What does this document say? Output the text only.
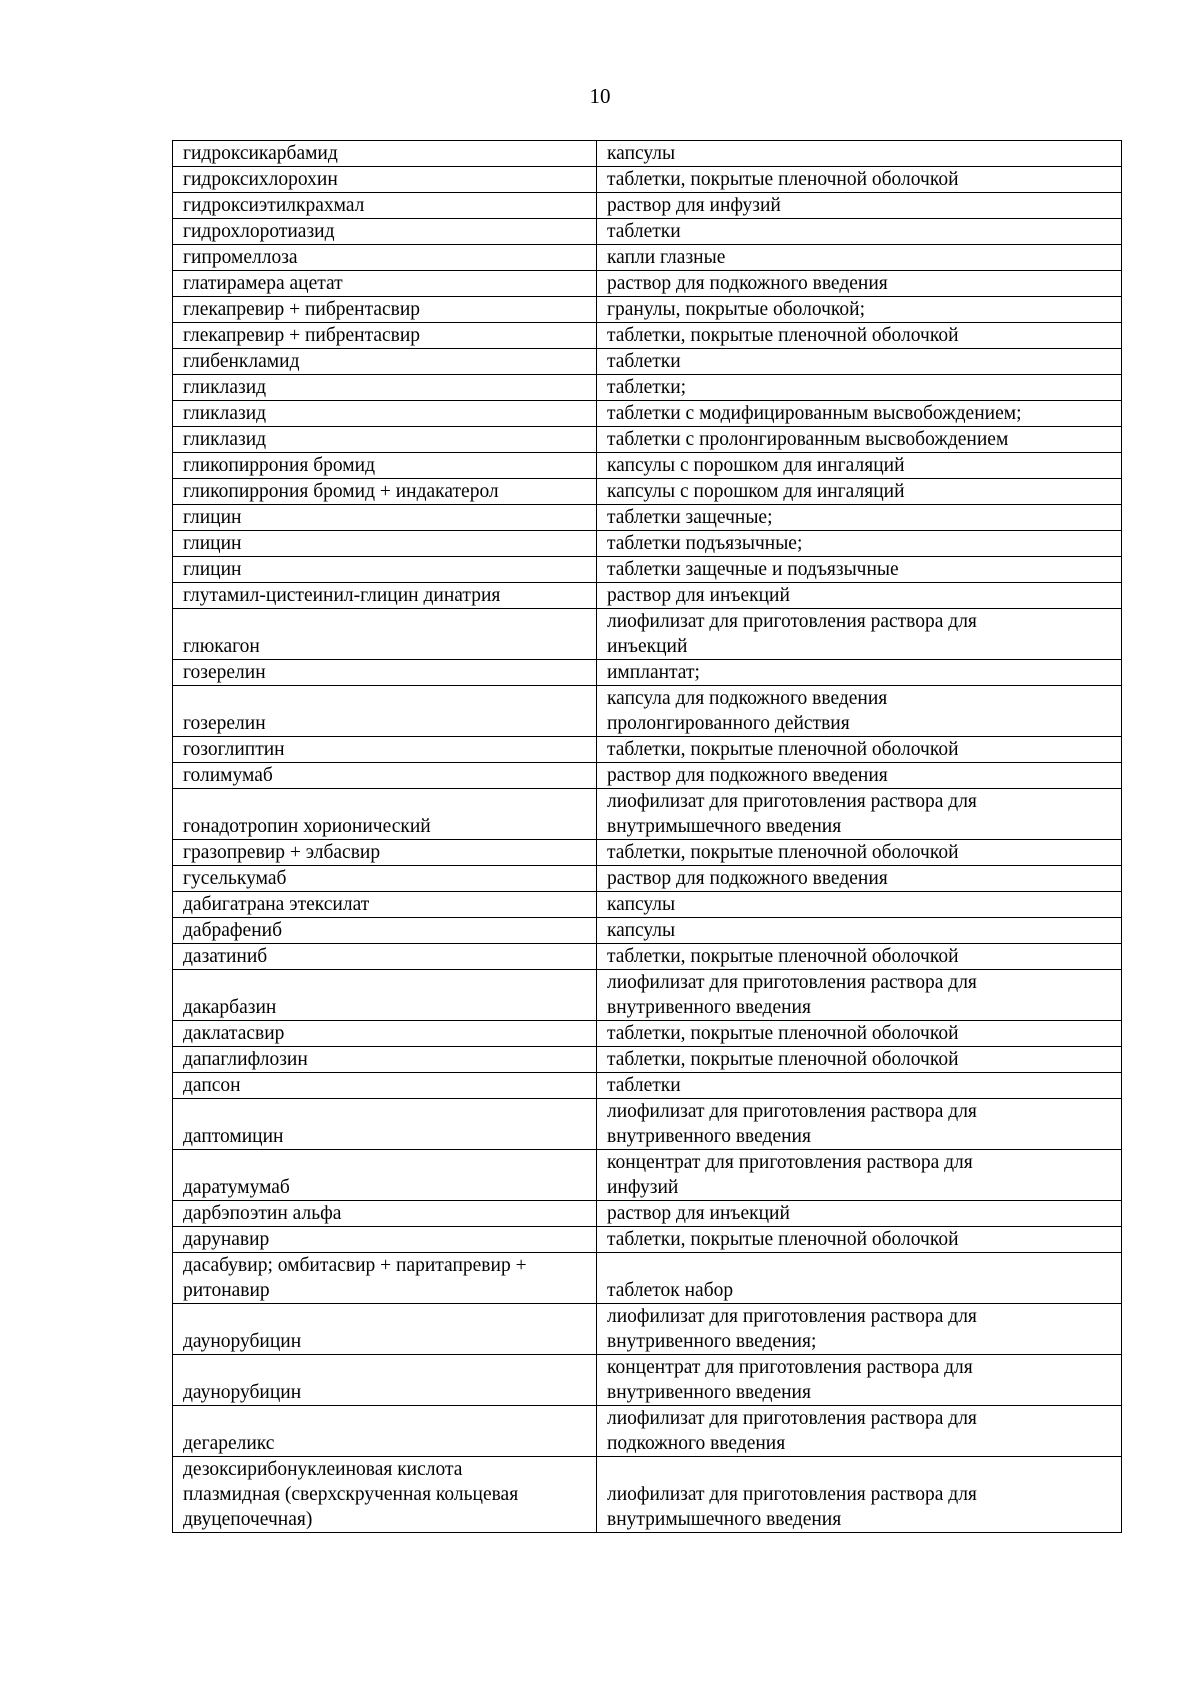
10
гидроксикарбамид	капсулы
гидроксихлорохин	таблетки, покрытые пленочной оболочкой
гидроксиэтилкрахмал	раствор для инфузий
гидрохлоротиазид	таблетки
гипромеллоза	капли глазные
глатирамера ацетат	раствор для подкожного введения
глекапревир + пибрентасвир	гранулы, покрытые оболочкой;
глекапревир + пибрентасвир	таблетки, покрытые пленочной оболочкой
глибенкламид	таблетки
гликлазид	таблетки;
гликлазид	таблетки с модифицированным высвобождением;
гликлазид	таблетки с пролонгированным высвобождением
гликопиррония бромид	капсулы с порошком для ингаляций
гликопиррония бромид + индакатерол	капсулы с порошком для ингаляций
глицин	таблетки защечные;
глицин	таблетки подъязычные;
глицин	таблетки защечные и подъязычные
глутамил-цистеинил-глицин динатрия	раствор для инъекций
глюкагон	лиофилизат для приготовления раствора для
инъекций
гозерелин	имплантат;
гозерелин	капсула для подкожного введения
пролонгированного действия
гозоглиптин	таблетки, покрытые пленочной оболочкой
голимумаб	раствор для подкожного введения
гонадотропин хорионический	лиофилизат для приготовления раствора для
внутримышечного введения
гразопревир + элбасвир	таблетки, покрытые пленочной оболочкой
гуселькумаб	раствор для подкожного введения
дабигатрана этексилат	капсулы
дабрафениб	капсулы
дазатиниб	таблетки, покрытые пленочной оболочкой
дакарбазин	лиофилизат для приготовления раствора для
внутривенного введения
даклатасвир	таблетки, покрытые пленочной оболочкой
дапаглифлозин	таблетки, покрытые пленочной оболочкой
дапсон	таблетки
даптомицин	лиофилизат для приготовления раствора для
внутривенного введения
даратумумаб	концентрат для приготовления раствора для
инфузий
дарбэпоэтин альфа	раствор для инъекций
дарунавир	таблетки, покрытые пленочной оболочкой
дасабувир; омбитасвир + паритапревир +
ритонавир	таблеток набор
даунорубицин	лиофилизат для приготовления раствора для
внутривенного введения;
даунорубицин	концентрат для приготовления раствора для
внутривенного введения
дегареликс	лиофилизат для приготовления раствора для
подкожного введения
дезоксирибонуклеиновая кислота
плазмидная (сверхскрученная кольцевая
двуцепочечная)	лиофилизат для приготовления раствора для
внутримышечного введения
